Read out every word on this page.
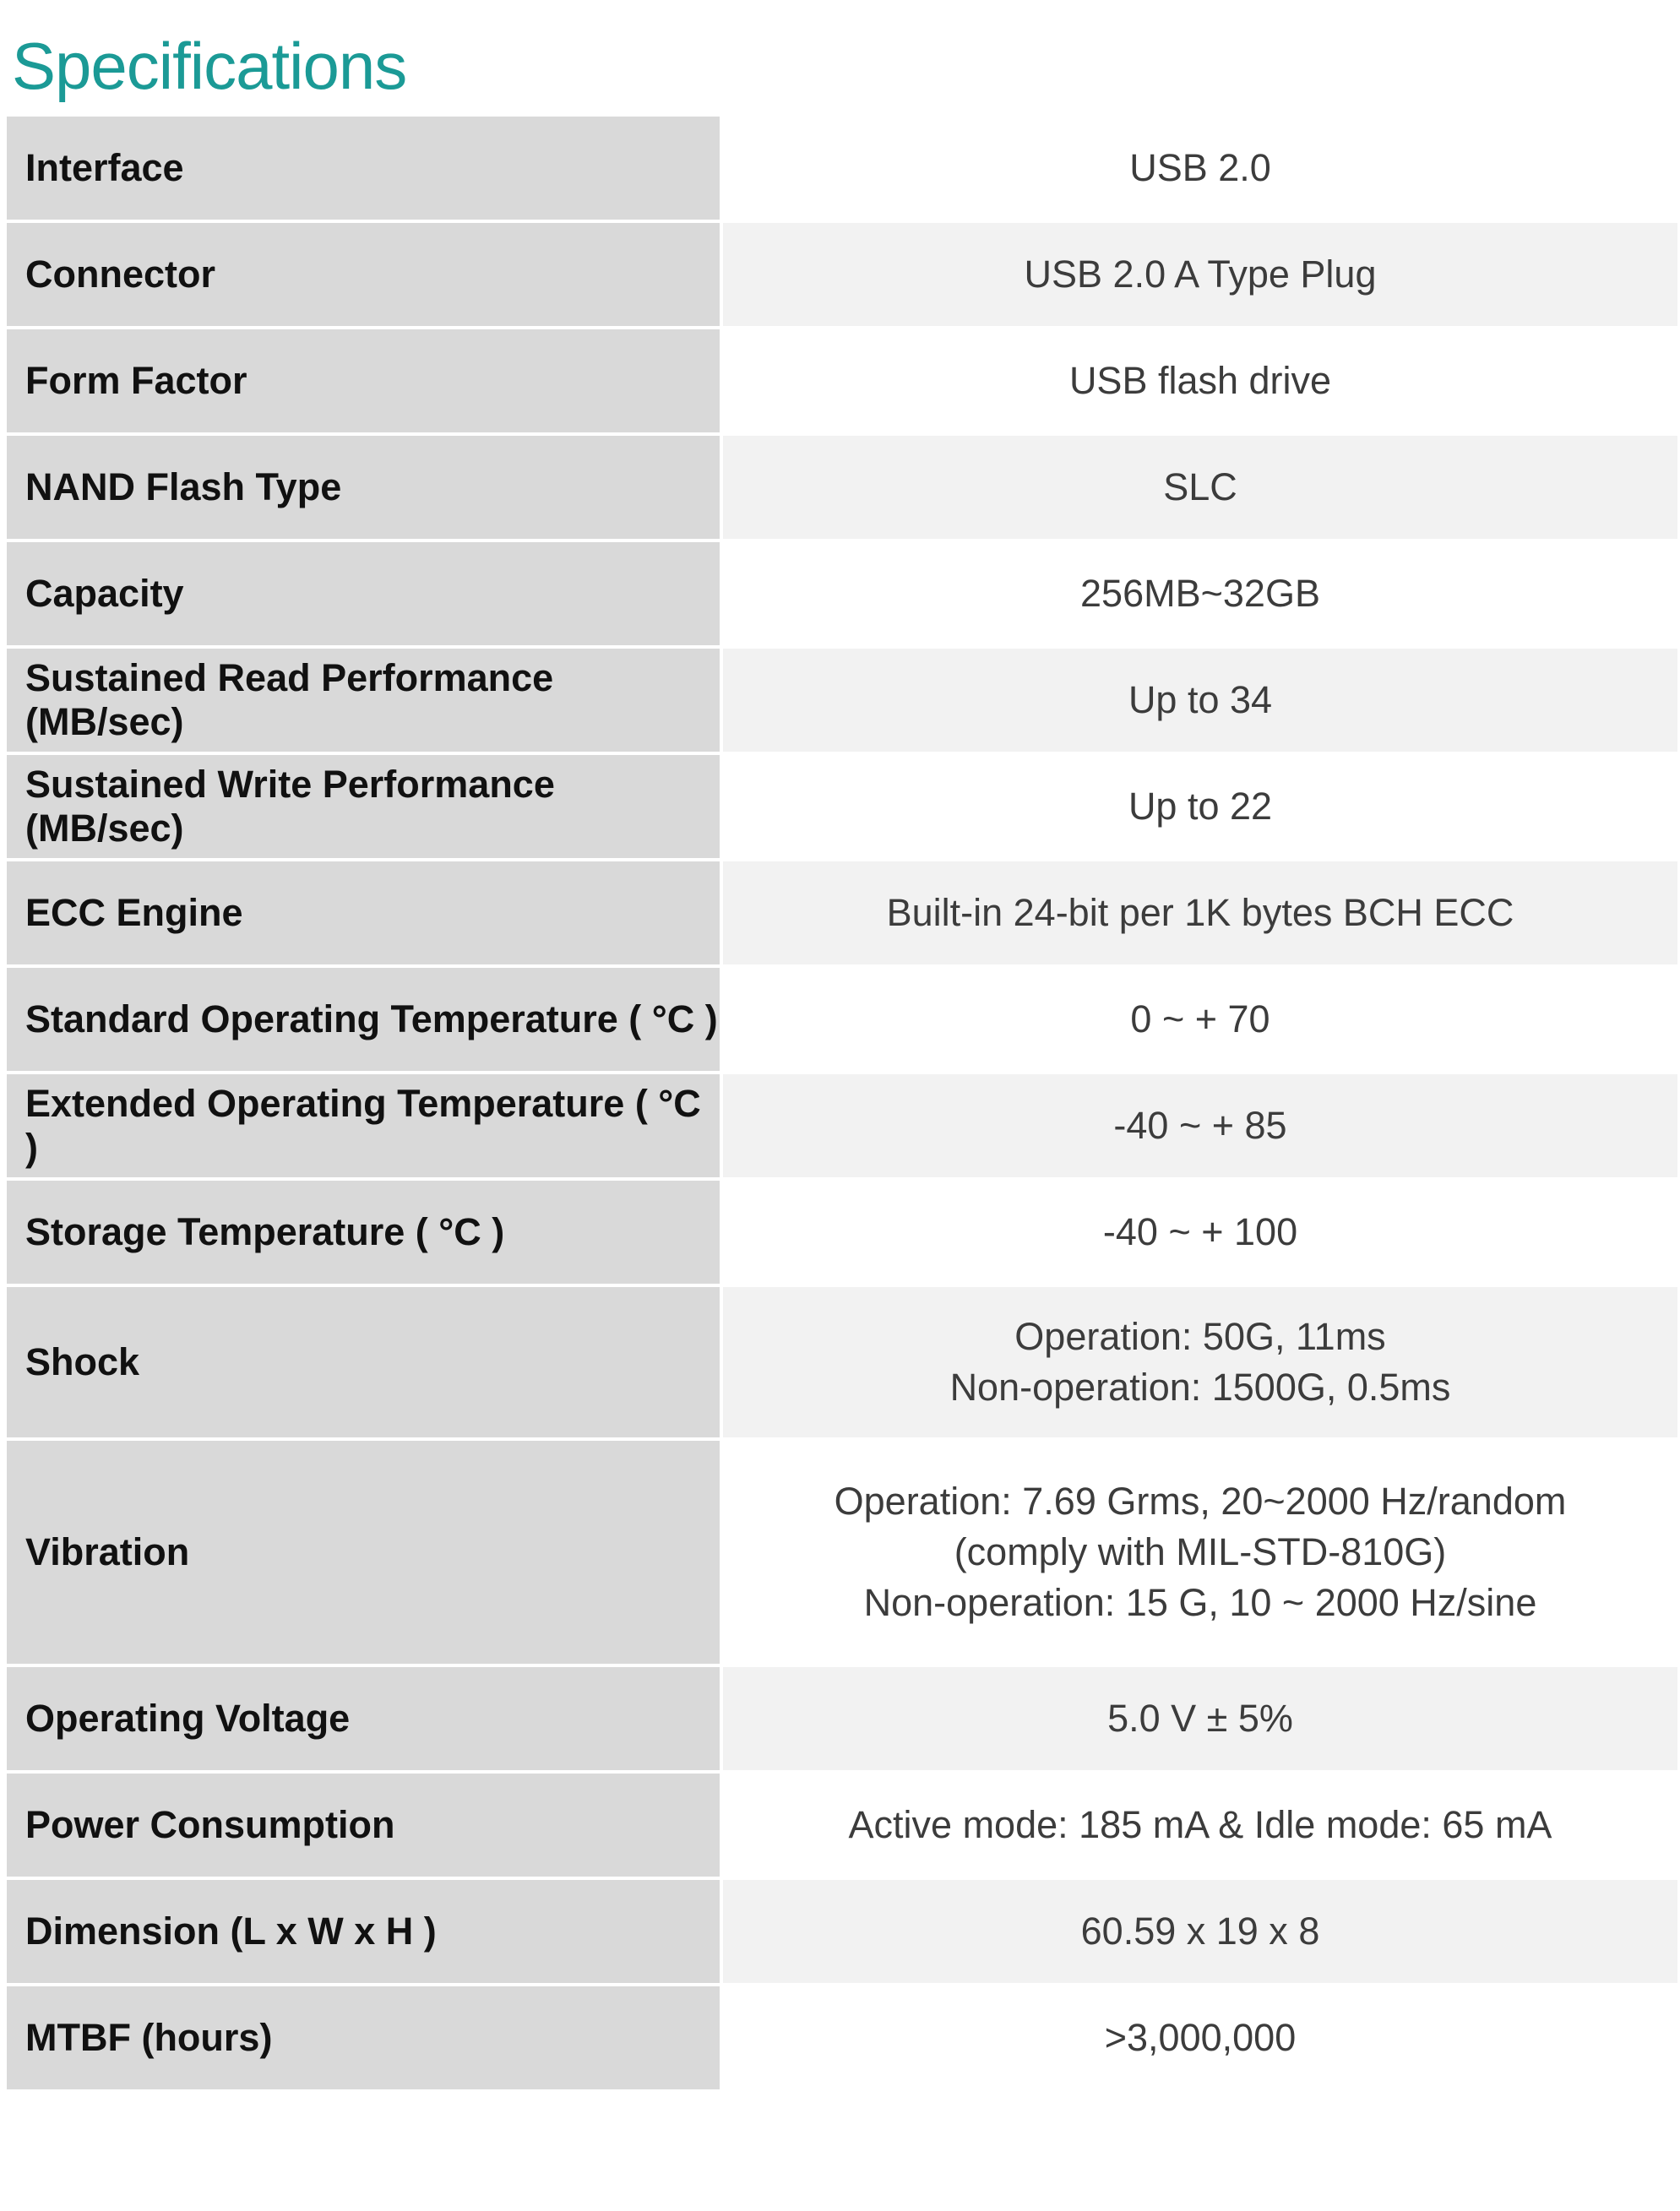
Specifications
Interface	USB 2.0

Connector	USB 2.0 A Type Plug

Form Factor	USB flash drive

NAND Flash Type	SLC

Capacity	256MB~32GB

Sustained Read Performance (MB/sec)	Up to 34

Sustained Write Performance (MB/sec)	Up to 22

ECC Engine	Built-in 24-bit per 1K bytes BCH ECC

Standard Operating Temperature ( °C )	0 ~ + 70

Extended Operating Temperature ( °C )	-40 ~ + 85

Storage Temperature ( °C )	-40 ~ + 100

Shock	Operation: 50G, 11ms
Non-operation: 1500G, 0.5ms

Vibration	Operation: 7.69 Grms, 20~2000 Hz/random
(comply with MIL-STD-810G)
Non-operation: 15 G, 10 ~ 2000 Hz/sine

Operating Voltage	5.0 V ± 5%

Power Consumption	Active mode: 185 mA & Idle mode: 65 mA

Dimension (L x W x H )	60.59 x 19 x 8

MTBF (hours)	>3,000,000
